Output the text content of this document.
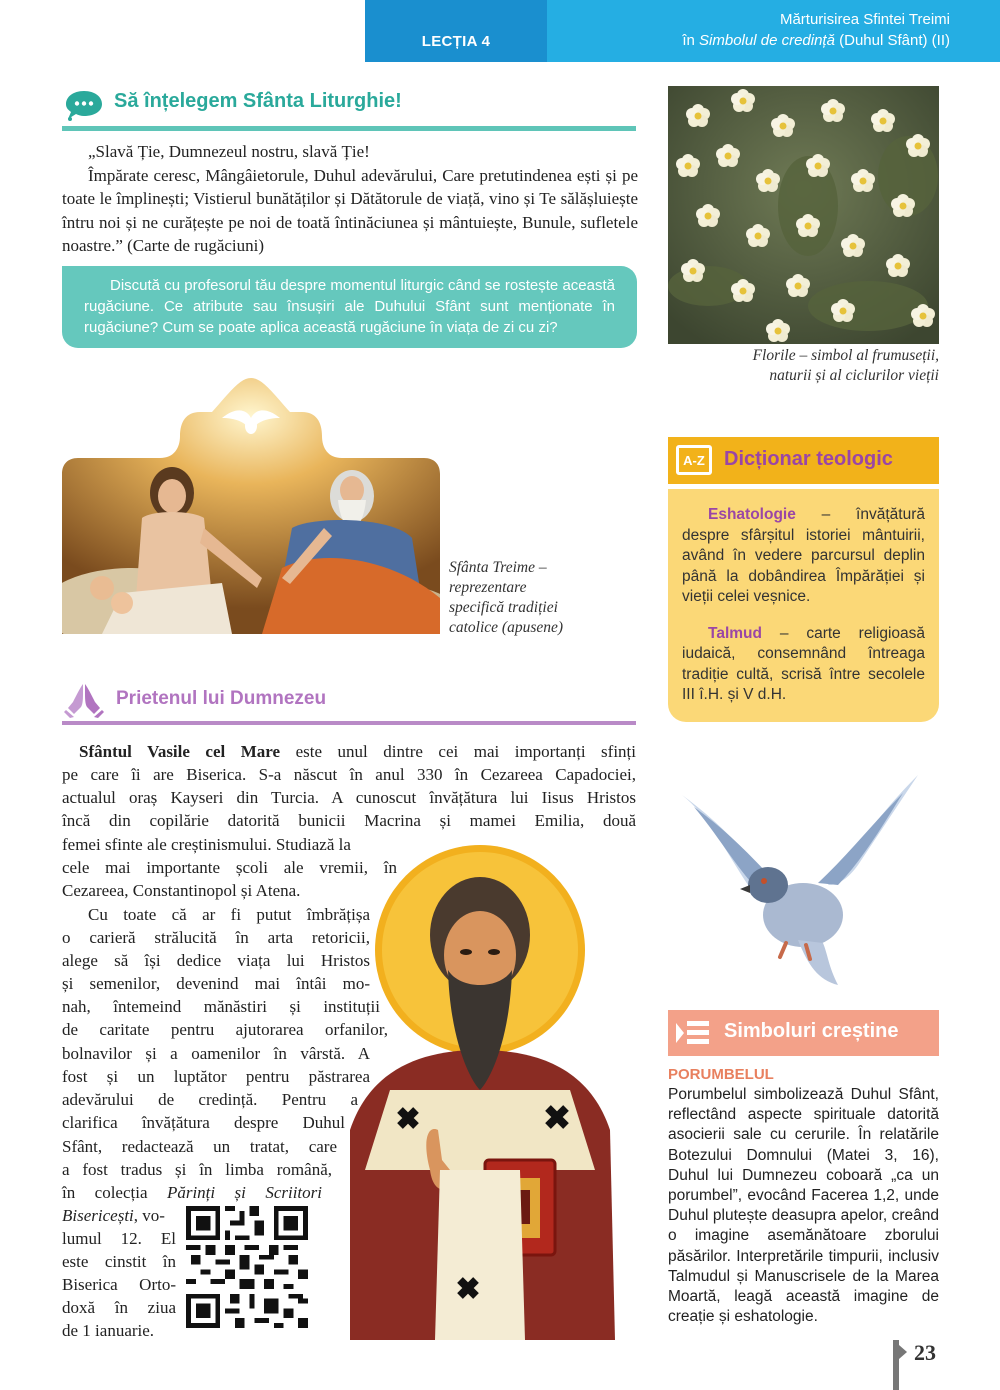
LECȚIA 4
Mărturisirea Sfintei Treimi
în Simbolul de credință (Duhul Sfânt) (II)
Să înțelegem Sfânta Liturghie!

„Slavă Ție, Dumnezeul nostru, slavă Ție!

Împărate ceresc, Mângâietorule, Duhul adevărului, Care pretutindenea ești și pe toate le împlinești; Vistierul bunătăților și Dătătorule de viață, vino și Te sălășluiește întru noi și ne curățește pe noi de toată întinăciunea și mântuiește, Bunule, sufletele noastre.” (Carte de rugăciuni)

Discută cu profesorul tău despre momentul liturgic când se rostește această rugăciune. Ce atribute sau însușiri ale Duhului Sfânt sunt menționate în rugăciune? Cum se poate aplica această rugăciune în viața de zi cu zi?
Florile – simbol al frumuseții,
naturii și al ciclurilor vieții
Sfânta Treime –
reprezentare
specifică tradiției
catolice (apusene)
A-Z Dicționar teologic

Eshatologie – învățătură despre sfârșitul istoriei mântuirii, având în vedere parcursul deplin până la dobândirea Împărăției și vieții celei veșnice.

Talmud – carte religioasă iudaică, consemnând întreaga tradiție cultă, scrisă între secolele III î.H. și V d.H.

Prietenul lui Dumnezeu
 Sfântul Vasile cel Mare este unul dintre cei mai importanți sfinți
pe care îi are Biserica. S-a născut în anul 330 în Cezareea Capadociei,
actualul oraș Kayseri din Turcia. A cunoscut învățătura lui Iisus Hristos
încă din copilărie datorită bunicii Macrina și mamei Emilia, două
femei sfinte ale creștinismului. Studiază la
cele mai importante școli ale vremii, în
Cezareea, Constantinopol și Atena.
Cu toate că ar fi putut îmbrățișa
o carieră strălucită în arta retoricii,
alege să își dedice viața lui Hristos
și semenilor, devenind mai întâi mo-
nah, întemeind mănăstiri și instituții
de caritate pentru ajutorarea orfanilor,
bolnavilor și a oamenilor în vârstă. A
fost și un luptător pentru păstrarea
adevărului de credință. Pentru a
clarifica învățătura despre Duhul
Sfânt, redactează un tratat, care
a fost tradus și în limba română,
în colecția Părinți și Scriitori
Bisericești, vo-
lumul 12. El
este cinstit în
Biserica Orto-
doxă în ziua
de 1 ianuarie.
Simboluri creștine
PORUMBELUL
Porumbelul simbolizează Duhul Sfânt, reflectând aspecte spirituale datorită asocierii sale cu cerurile. În relatările Botezului Domnului (Matei 3, 16), Duhul lui Dumnezeu coboară „ca un porumbel”, evocând Facerea 1,2, unde Duhul plutește deasupra apelor, creând o imagine asemănătoare zborului păsărilor. Interpretările timpurii, inclusiv Talmudul și Manuscrisele de la Marea Moartă, leagă această imagine de creație și eshatologie.
23
